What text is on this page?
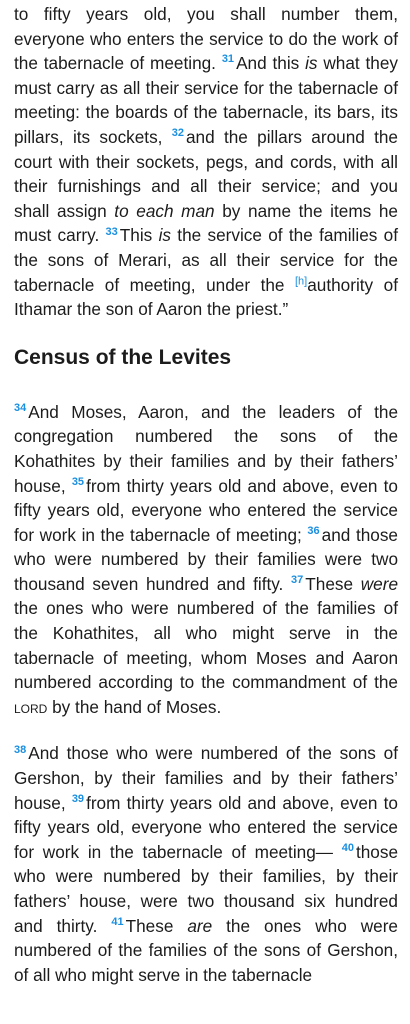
to fifty years old, you shall number them, everyone who enters the service to do the work of the tabernacle of meeting. $^{31}$ And this is what they must carry as all their service for the tabernacle of meeting: the boards of the tabernacle, its bars, its pillars, its sockets, $^{32}$ and the pillars around the court with their sockets, pegs, and cords, with all their furnishings and all their service; and you shall assign to each man by name the items he must carry. $^{33}$ This is the service of the families of the sons of Merari, as all their service for the tabernacle of meeting, under the [h]authority of Ithamar the son of Aaron the priest.”

Census of the Levites

$^{34}$ And Moses, Aaron, and the leaders of the congregation numbered the sons of the Kohathites by their families and by their fathers’ house, $^{35}$ from thirty years old and above, even to fifty years old, everyone who entered the service for work in the tabernacle of meeting; $^{36}$ and those who were numbered by their families were two thousand seven hundred and fifty. $^{37}$ These were the ones who were numbered of the families of the Kohathites, all who might serve in the tabernacle of meeting, whom Moses and Aaron numbered according to the commandment of the lord by the hand of Moses.

$^{38}$ And those who were numbered of the sons of Gershon, by their families and by their fathers’ house, $^{39}$ from thirty years old and above, even to fifty years old, everyone who entered the service for work in the tabernacle of meeting— $^{40}$ those who were numbered by their families, by their fathers’ house, were two thousand six hundred and thirty. $^{41}$ These are the ones who were numbered of the families of the sons of Gershon, of all who might serve in the tabernacle
